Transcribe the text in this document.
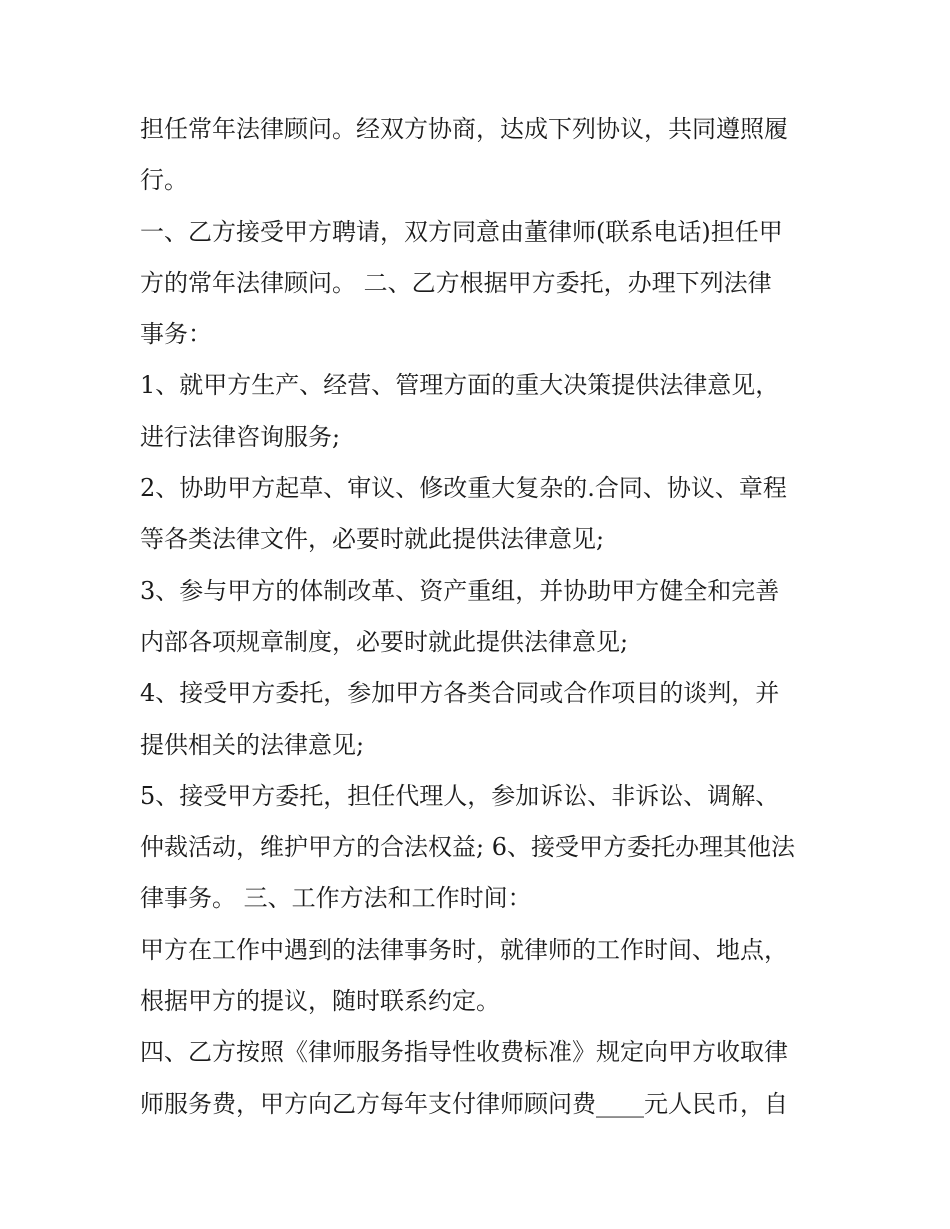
担任常年法律顾问。经双方协商，达成下列协议，共同遵照履
行。
一、乙方接受甲方聘请，双方同意由董律师(联系电话)担任甲
方的常年法律顾问。 二、乙方根据甲方委托，办理下列法律
事务：
1、就甲方生产、经营、管理方面的重大决策提供法律意见，
进行法律咨询服务;
2、协助甲方起草、审议、修改重大复杂的.合同、协议、章程
等各类法律文件，必要时就此提供法律意见;
3、参与甲方的体制改革、资产重组，并协助甲方健全和完善
内部各项规章制度，必要时就此提供法律意见;
4、接受甲方委托，参加甲方各类合同或合作项目的谈判，并
提供相关的法律意见;
5、接受甲方委托，担任代理人，参加诉讼、非诉讼、调解、
仲裁活动，维护甲方的合法权益; 6、接受甲方委托办理其他法
律事务。 三、工作方法和工作时间：
甲方在工作中遇到的法律事务时，就律师的工作时间、地点，
根据甲方的提议，随时联系约定。
四、乙方按照《律师服务指导性收费标准》规定向甲方收取律
师服务费，甲方向乙方每年支付律师顾问费____元人民币，自
